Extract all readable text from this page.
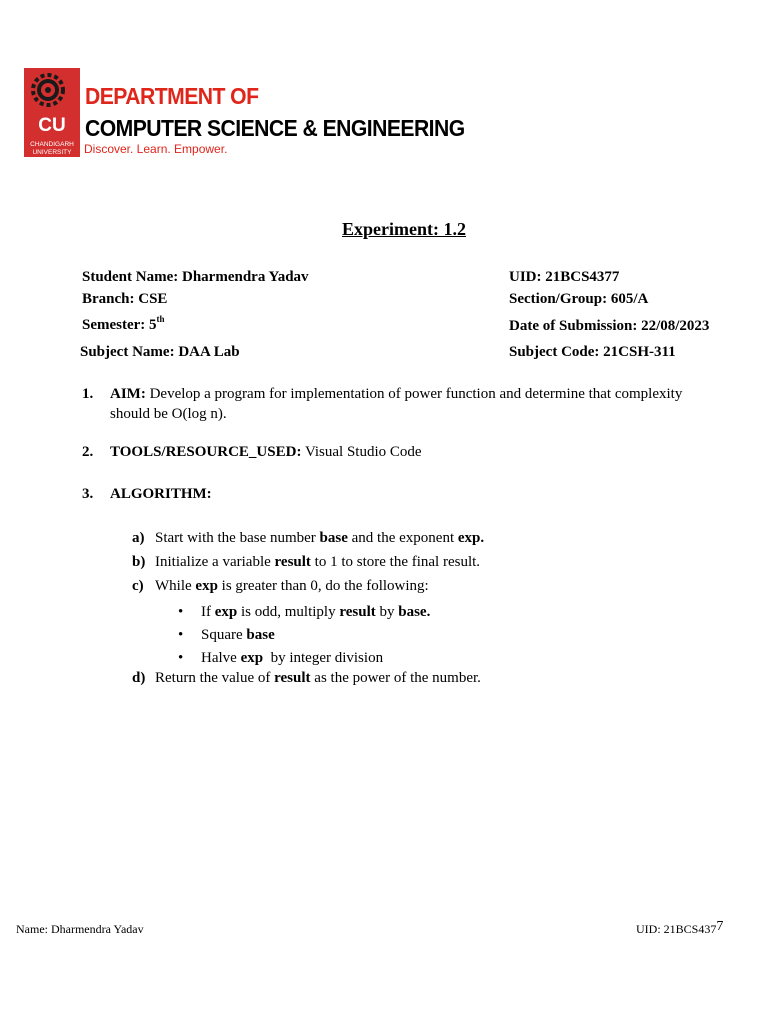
CU
CHANDIGARH
UNIVERSITY
DEPARTMENT OF
COMPUTER SCIENCE & ENGINEERING
Discover. Learn. Empower.
Experiment: 1.2
Student Name: Dharmendra Yadav	UID: 21BCS4377
Branch: CSE	Section/Group: 605/A
Semester: 5th	Date of Submission: 22/08/2023
Subject Name: DAA Lab	Subject Code: 21CSH-311
1. AIM: Develop a program for implementation of power function and determine that complexity should be O(log n).
2. TOOLS/RESOURCE_USED: Visual Studio Code
3. ALGORITHM:
a) Start with the base number base and the exponent exp.
b) Initialize a variable result to 1 to store the final result.
c) While exp is greater than 0, do the following:
• If exp is odd, multiply result by base.
• Square base
• Halve exp  by integer division
d) Return the value of result as the power of the number.
Name: Dharmendra Yadav	UID: 21BCS4377
